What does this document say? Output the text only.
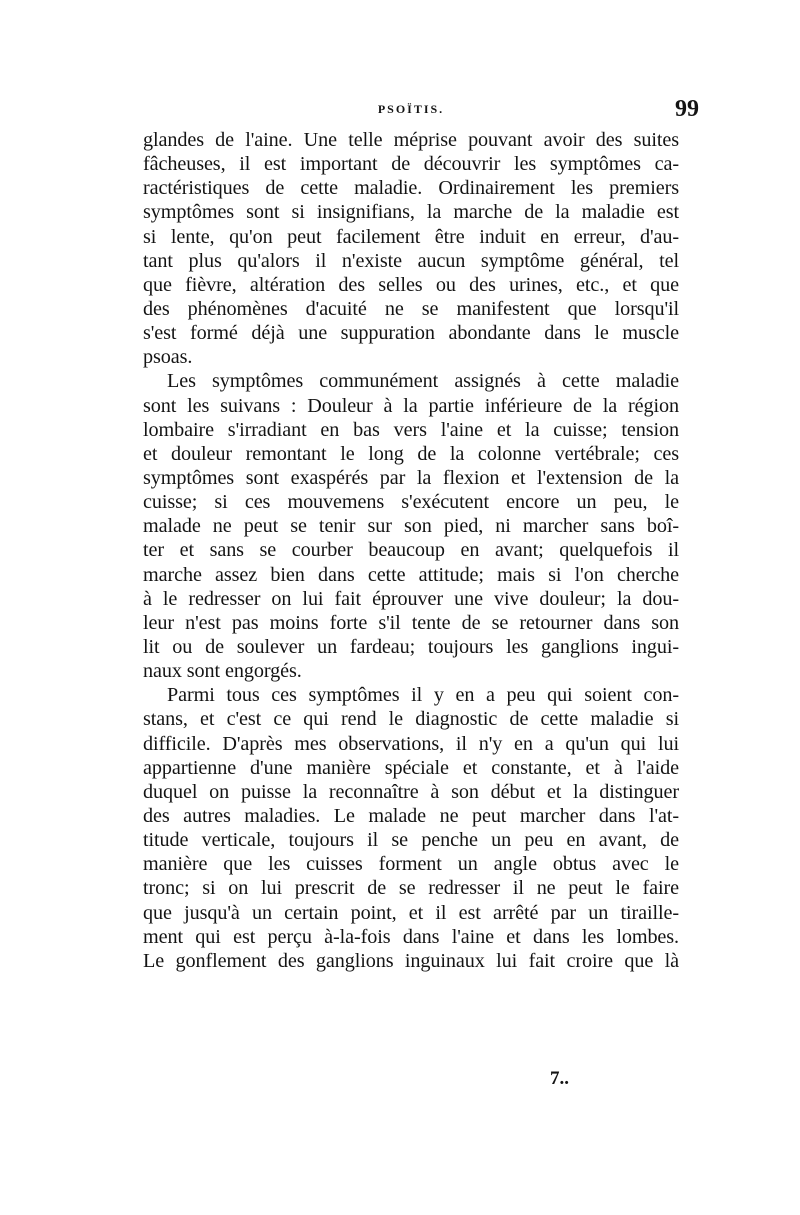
PSOÏTIS.	99
glandes de l'aine. Une telle méprise pouvant avoir des suites
fâcheuses, il est important de découvrir les symptômes ca-
ractéristiques de cette maladie. Ordinairement les premiers
symptômes sont si insignifians, la marche de la maladie est
si lente, qu'on peut facilement être induit en erreur, d'au-
tant plus qu'alors il n'existe aucun symptôme général, tel
que fièvre, altération des selles ou des urines, etc., et que
des phénomènes d'acuité ne se manifestent que lorsqu'il
s'est formé déjà une suppuration abondante dans le muscle
psoas.
Les symptômes communément assignés à cette maladie
sont les suivans : Douleur à la partie inférieure de la région
lombaire s'irradiant en bas vers l'aine et la cuisse; tension
et douleur remontant le long de la colonne vertébrale; ces
symptômes sont exaspérés par la flexion et l'extension de la
cuisse; si ces mouvemens s'exécutent encore un peu, le
malade ne peut se tenir sur son pied, ni marcher sans boî-
ter et sans se courber beaucoup en avant; quelquefois il
marche assez bien dans cette attitude; mais si l'on cherche
à le redresser on lui fait éprouver une vive douleur; la dou-
leur n'est pas moins forte s'il tente de se retourner dans son
lit ou de soulever un fardeau; toujours les ganglions ingui-
naux sont engorgés.
Parmi tous ces symptômes il y en a peu qui soient con-
stans, et c'est ce qui rend le diagnostic de cette maladie si
difficile. D'après mes observations, il n'y en a qu'un qui lui
appartienne d'une manière spéciale et constante, et à l'aide
duquel on puisse la reconnaître à son début et la distinguer
des autres maladies. Le malade ne peut marcher dans l'at-
titude verticale, toujours il se penche un peu en avant, de
manière que les cuisses forment un angle obtus avec le
tronc; si on lui prescrit de se redresser il ne peut le faire
que jusqu'à un certain point, et il est arrêté par un tiraille-
ment qui est perçu à-la-fois dans l'aine et dans les lombes.
Le gonflement des ganglions inguinaux lui fait croire que là
7..
